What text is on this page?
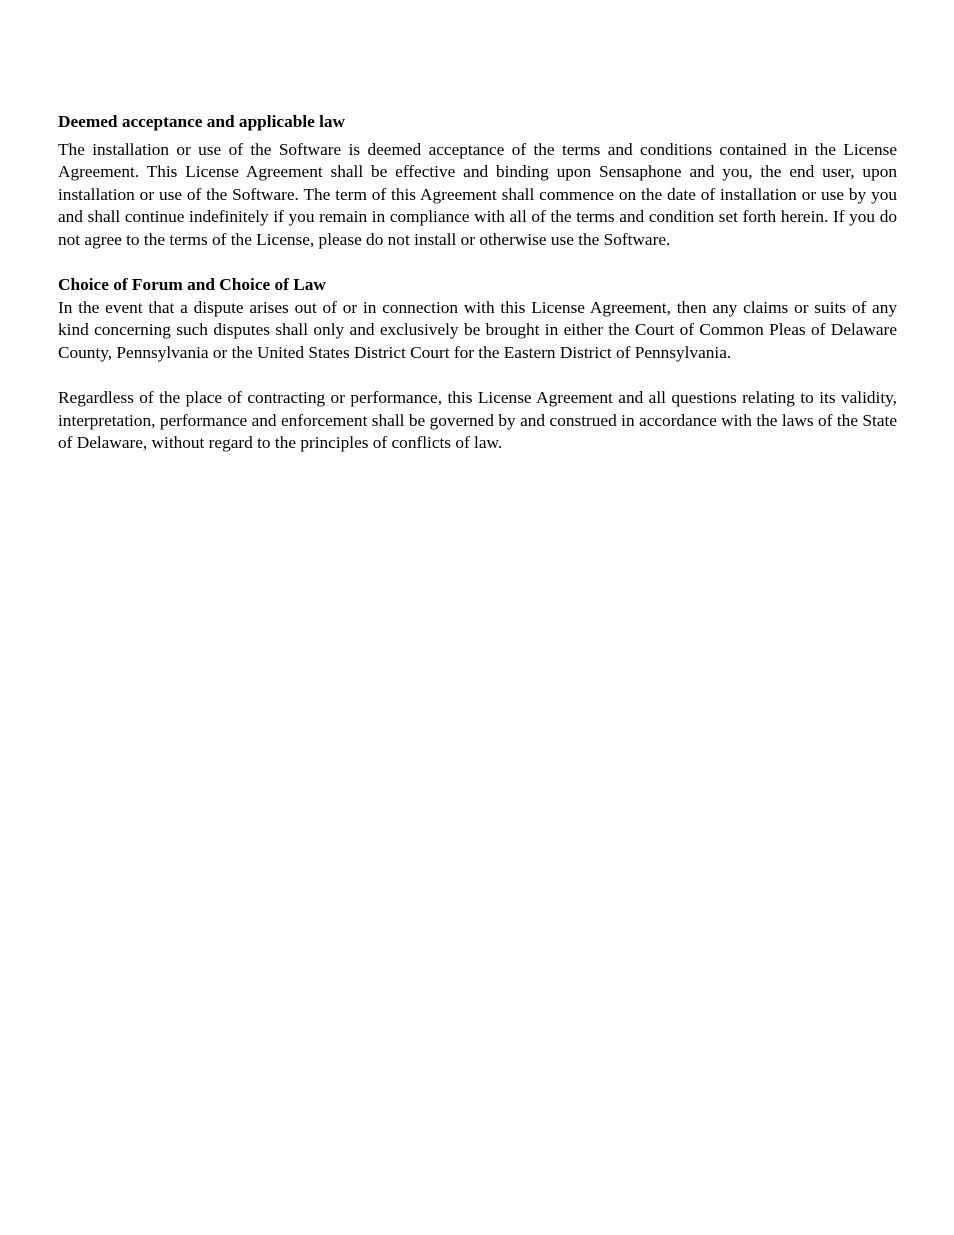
Deemed acceptance and applicable law

The installation or use of the Software is deemed acceptance of the terms and conditions contained in the License Agreement. This License Agreement shall be effective and binding upon Sensaphone and you, the end user, upon installation or use of the Software. The term of this Agreement shall commence on the date of installation or use by you and shall continue indefinitely if you remain in compliance with all of the terms and condition set forth herein. If you do not agree to the terms of the License, please do not install or otherwise use the Software.

Choice of Forum and Choice of Law

In the event that a dispute arises out of or in connection with this License Agreement, then any claims or suits of any kind concerning such disputes shall only and exclusively be brought in either the Court of Common Pleas of Delaware County, Pennsylvania or the United States District Court for the Eastern District of Pennsylvania.

Regardless of the place of contracting or performance, this License Agreement and all questions relating to its validity, interpretation, performance and enforcement shall be governed by and construed in accordance with the laws of the State of Delaware, without regard to the principles of conflicts of law.
